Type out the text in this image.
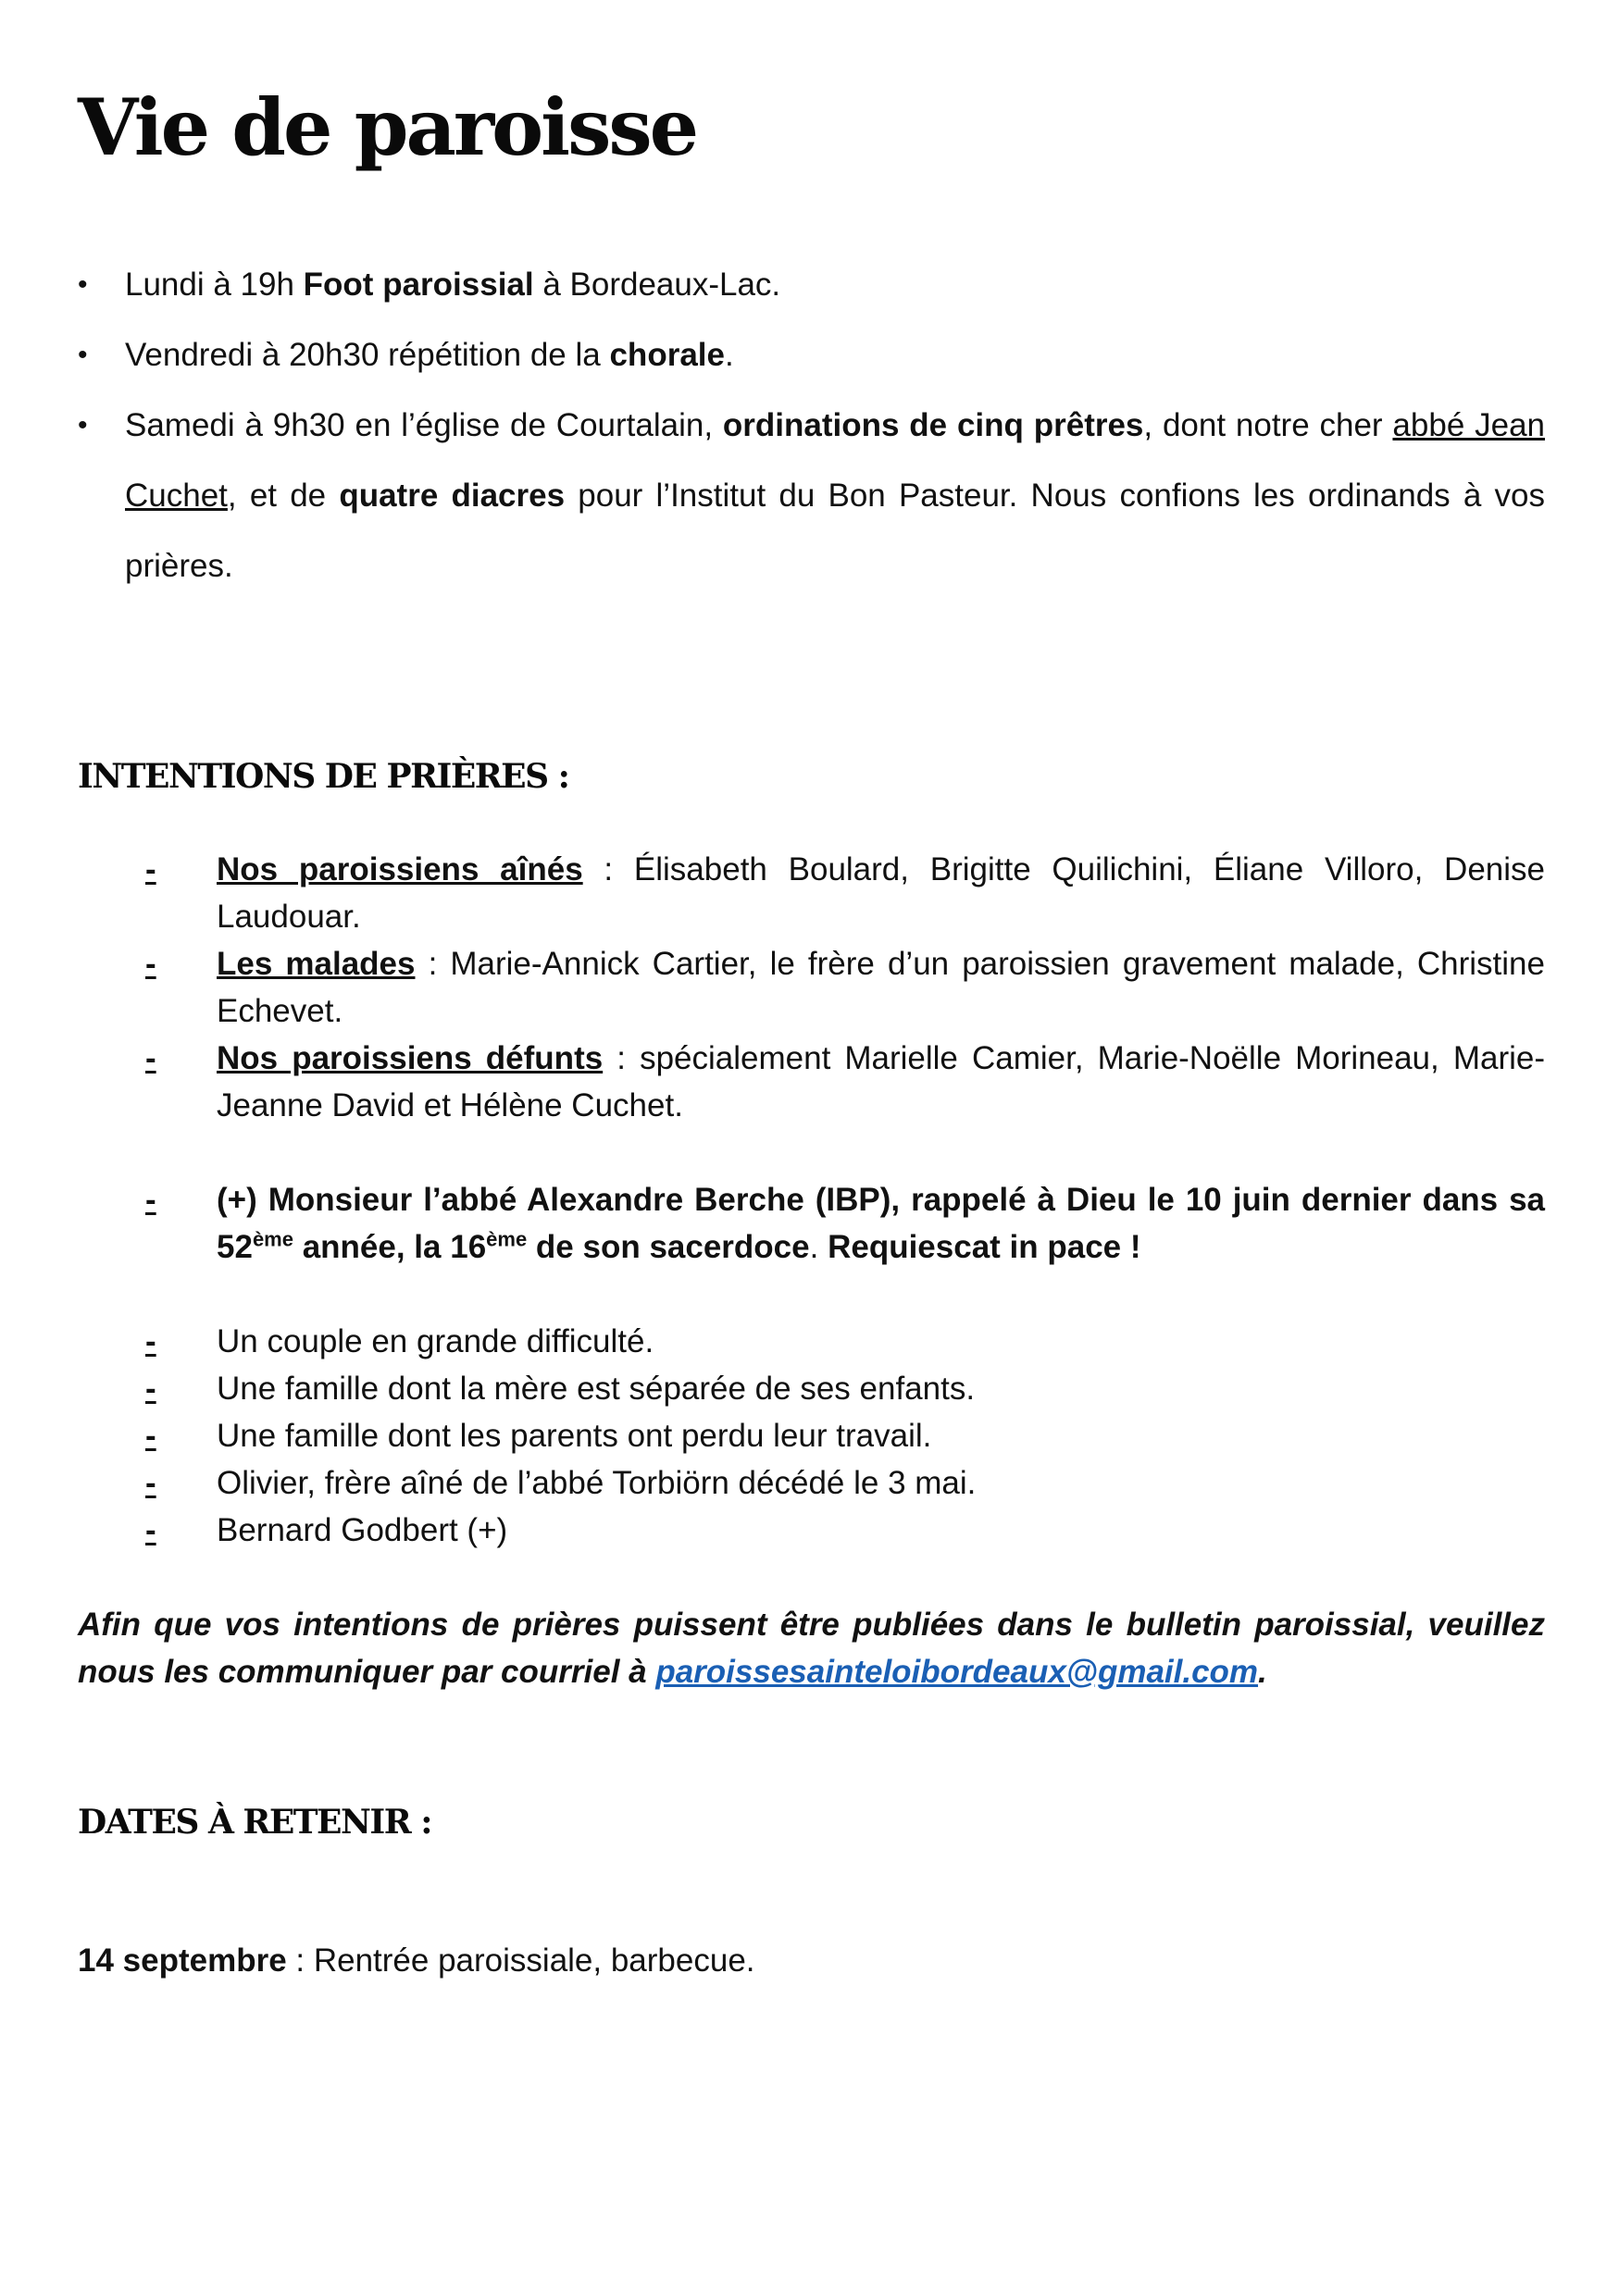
Vie de paroisse
• Lundi à 19h Foot paroissial à Bordeaux-Lac.
• Vendredi à 20h30 répétition de la chorale.
• Samedi à 9h30 en l’église de Courtalain, ordinations de cinq prêtres, dont notre cher abbé Jean Cuchet, et de quatre diacres pour l’Institut du Bon Pasteur. Nous confions les ordinands à vos prières.
INTENTIONS DE PRIÈRES :
- Nos paroissiens aînés : Élisabeth Boulard, Brigitte Quilichini, Éliane Villoro, Denise Laudouar.
- Les malades : Marie-Annick Cartier, le frère d’un paroissien gravement malade, Christine Echevet.
- Nos paroissiens défunts : spécialement Marielle Camier, Marie-Noëlle Morineau, Marie-Jeanne David et Hélène Cuchet.
- (+) Monsieur l’abbé Alexandre Berche (IBP), rappelé à Dieu le 10 juin dernier dans sa 52ème année, la 16ème de son sacerdoce. Requiescat in pace !
- Un couple en grande difficulté.
- Une famille dont la mère est séparée de ses enfants.
- Une famille dont les parents ont perdu leur travail.
- Olivier, frère aîné de l’abbé Torbiörn décédé le 3 mai.
- Bernard Godbert (+)

Afin que vos intentions de prières puissent être publiées dans le bulletin paroissial, veuillez nous les communiquer par courriel à paroissesainteloibordeaux@gmail.com.

DATES À RETENIR :

14 septembre : Rentrée paroissiale, barbecue.
